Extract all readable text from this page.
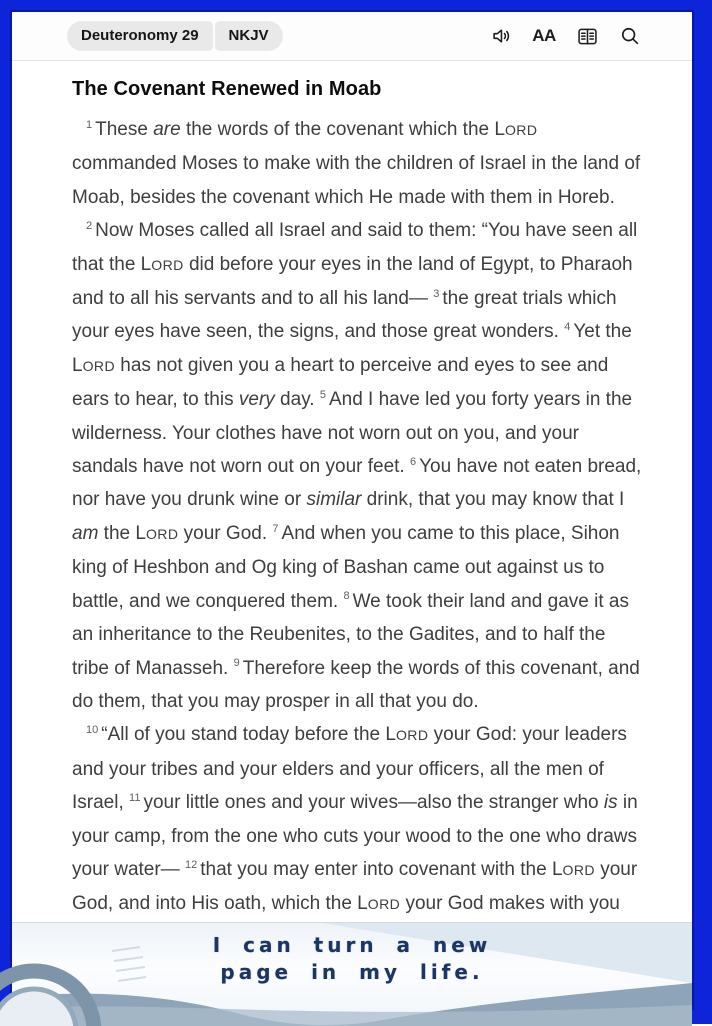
Deuteronomy 29	NKJV	AA
The Covenant Renewed in Moab

$^1$ These are the words of the covenant which the LORD commanded Moses to make with the children of Israel in the land of Moab, besides the covenant which He made with them in Horeb.

$^2$ Now Moses called all Israel and said to them: “You have seen all that the LORD did before your eyes in the land of Egypt, to Pharaoh and to all his servants and to all his land— $^3$ the great trials which your eyes have seen, the signs, and those great wonders. $^4$ Yet the LORD has not given you a heart to perceive and eyes to see and ears to hear, to this very day. $^5$ And I have led you forty years in the wilderness. Your clothes have not worn out on you, and your sandals have not worn out on your feet. $^6$ You have not eaten bread, nor have you drunk wine or similar drink, that you may know that I am the LORD your God. $^7$ And when you came to this place, Sihon king of Heshbon and Og king of Bashan came out against us to battle, and we conquered them. $^8$ We took their land and gave it as an inheritance to the Reubenites, to the Gadites, and to half the tribe of Manasseh. $^9$ Therefore keep the words of this covenant, and do them, that you may prosper in all that you do.

$^{10}$ “All of you stand today before the LORD your God: your leaders and your tribes and your elders and your officers, all the men of Israel, $^{11}$ your little ones and your wives—also the stranger who is in your camp, from the one who cuts your wood to the one who draws your water— $^{12}$ that you may enter into covenant with the LORD your God, and into His oath, which the LORD your God makes with you

I can turn a new
page in my life.
